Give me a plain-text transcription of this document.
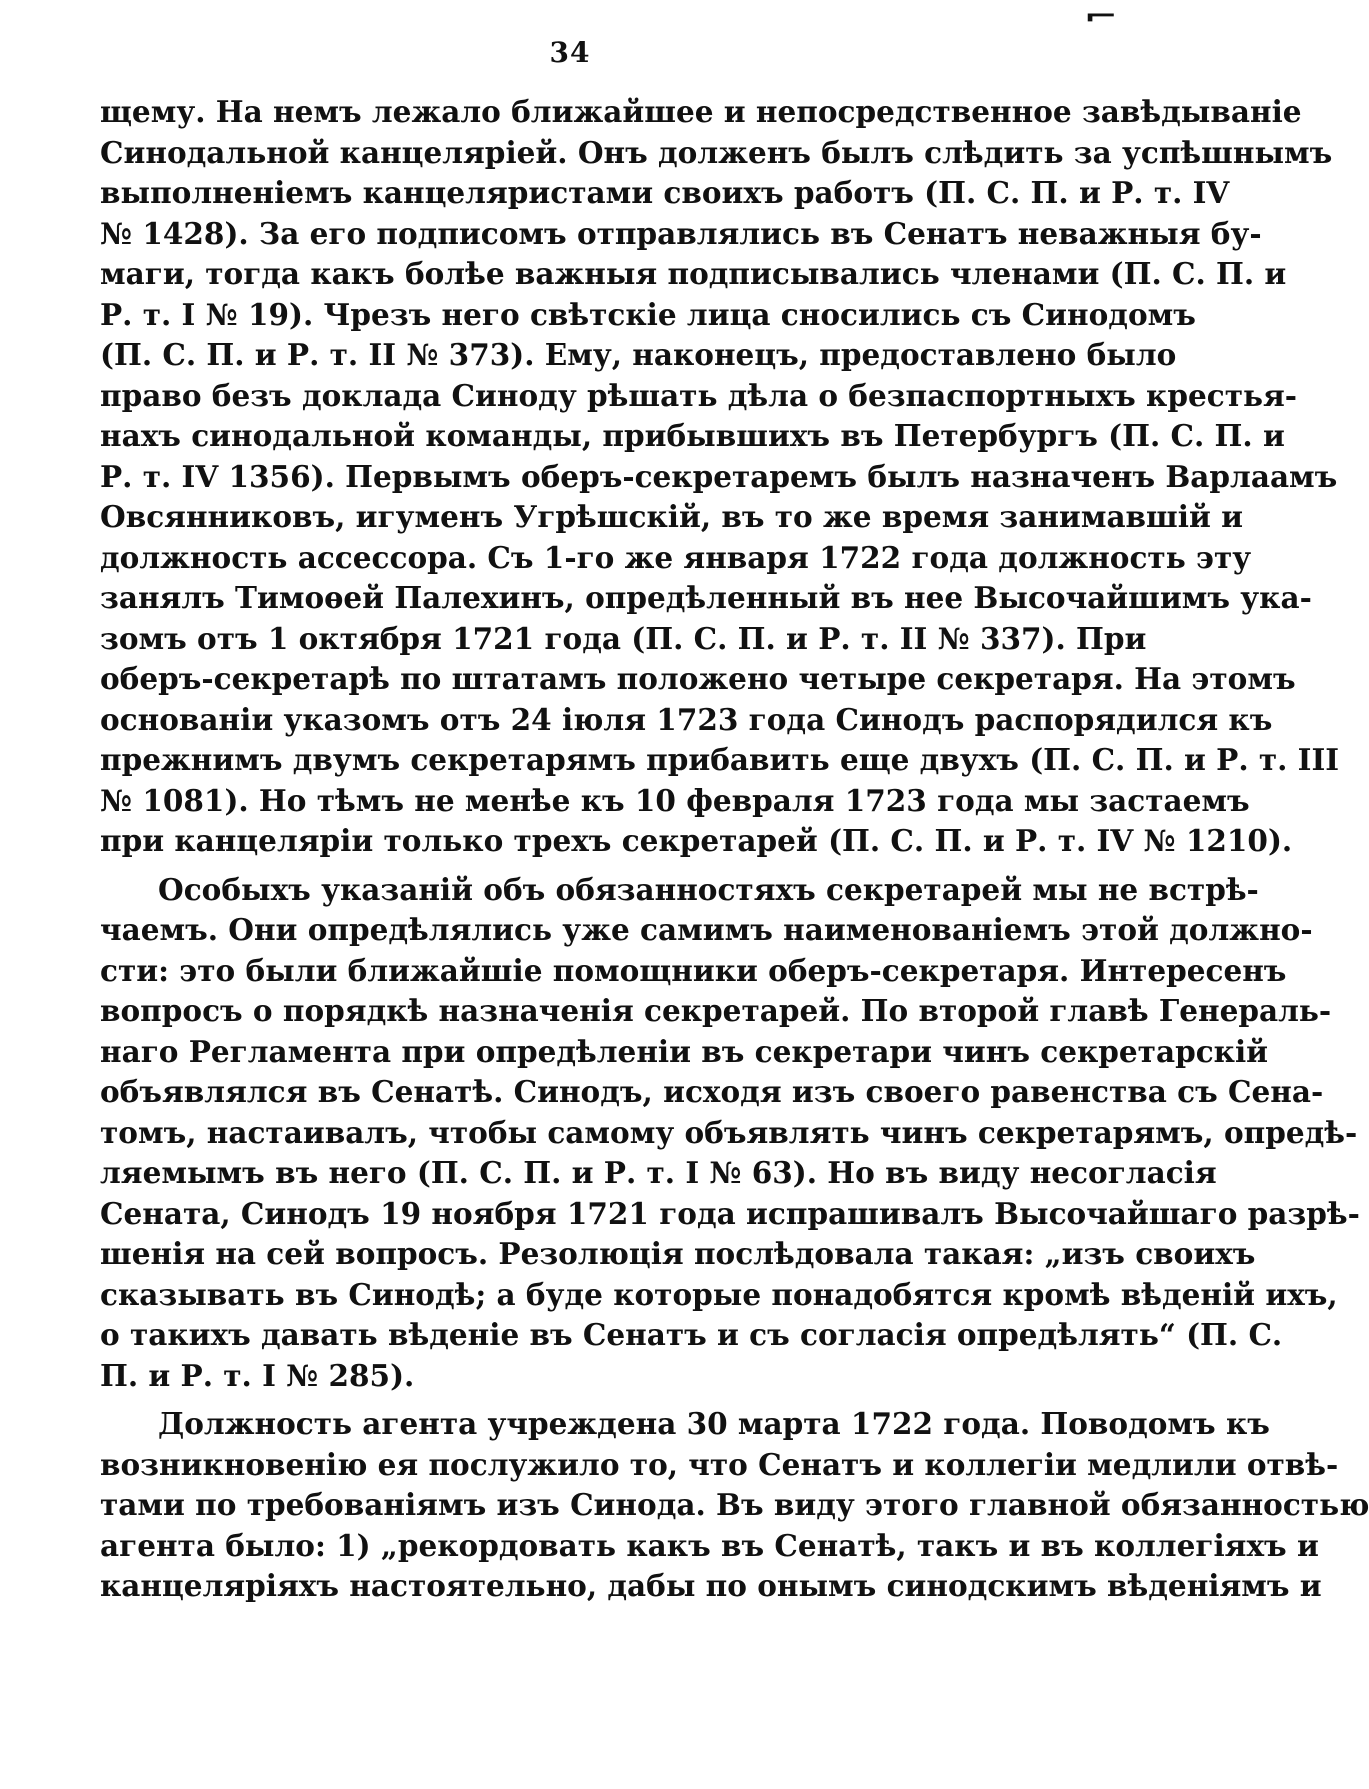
⌐
34
щему. На немъ лежало ближайшее и непосредственное завѣдываніе
Синодальной канцеляріей. Онъ долженъ былъ слѣдить за успѣшнымъ
выполненіемъ канцеляристами своихъ работъ (П. С. П. и Р. т. IV
№ 1428). За его подписомъ отправлялись въ Сенатъ неважныя бу-
маги, тогда какъ болѣе важныя подписывались членами (П. С. П. и
Р. т. I № 19). Чрезъ него свѣтскіе лица сносились съ Синодомъ
(П. С. П. и Р. т. II № 373). Ему, наконецъ, предоставлено было
право безъ доклада Синоду рѣшать дѣла о безпаспортныхъ крестья-
нахъ синодальной команды, прибывшихъ въ Петербургъ (П. С. П. и
Р. т. IV 1356). Первымъ оберъ-секретаремъ былъ назначенъ Варлаамъ
Овсянниковъ, игуменъ Угрѣшскій, въ то же время занимавшій и
должность ассессора. Съ 1-го же января 1722 года должность эту
занялъ Тимоѳей Палехинъ, опредѣленный въ нее Высочайшимъ ука-
зомъ отъ 1 октября 1721 года (П. С. П. и Р. т. II № 337). При
оберъ-секретарѣ по штатамъ положено четыре секретаря. На этомъ
основаніи указомъ отъ 24 іюля 1723 года Синодъ распорядился къ
прежнимъ двумъ секретарямъ прибавить еще двухъ (П. С. П. и Р. т. III
№ 1081). Но тѣмъ не менѣе къ 10 февраля 1723 года мы застаемъ
при канцеляріи только трехъ секретарей (П. С. П. и Р. т. IV № 1210).
Особыхъ указаній объ обязанностяхъ секретарей мы не встрѣ-
чаемъ. Они опредѣлялись уже самимъ наименованіемъ этой должно-
сти: это были ближайшіе помощники оберъ-секретаря. Интересенъ
вопросъ о порядкѣ назначенія секретарей. По второй главѣ Генераль-
наго Регламента при опредѣленіи въ секретари чинъ секретарскій
объявлялся въ Сенатѣ. Синодъ, исходя изъ своего равенства съ Сена-
томъ, настаивалъ, чтобы самому объявлять чинъ секретарямъ, опредѣ-
ляемымъ въ него (П. С. П. и Р. т. I № 63). Но въ виду несогласія
Сената, Синодъ 19 ноября 1721 года испрашивалъ Высочайшаго разрѣ-
шенія на сей вопросъ. Резолюція послѣдовала такая: „изъ своихъ
сказывать въ Синодѣ; а буде которые понадобятся кромѣ вѣденій ихъ,
о такихъ давать вѣденіе въ Сенатъ и съ согласія опредѣлять“ (П. С.
П. и Р. т. I № 285).
Должность агента учреждена 30 марта 1722 года. Поводомъ къ
возникновенію ея послужило то, что Сенатъ и коллегіи медлили отвѣ-
тами по требованіямъ изъ Синода. Въ виду этого главной обязанностью
агента было: 1) „рекордовать какъ въ Сенатѣ, такъ и въ коллегіяхъ и
канцеляріяхъ настоятельно, дабы по онымъ синодскимъ вѣденіямъ и
